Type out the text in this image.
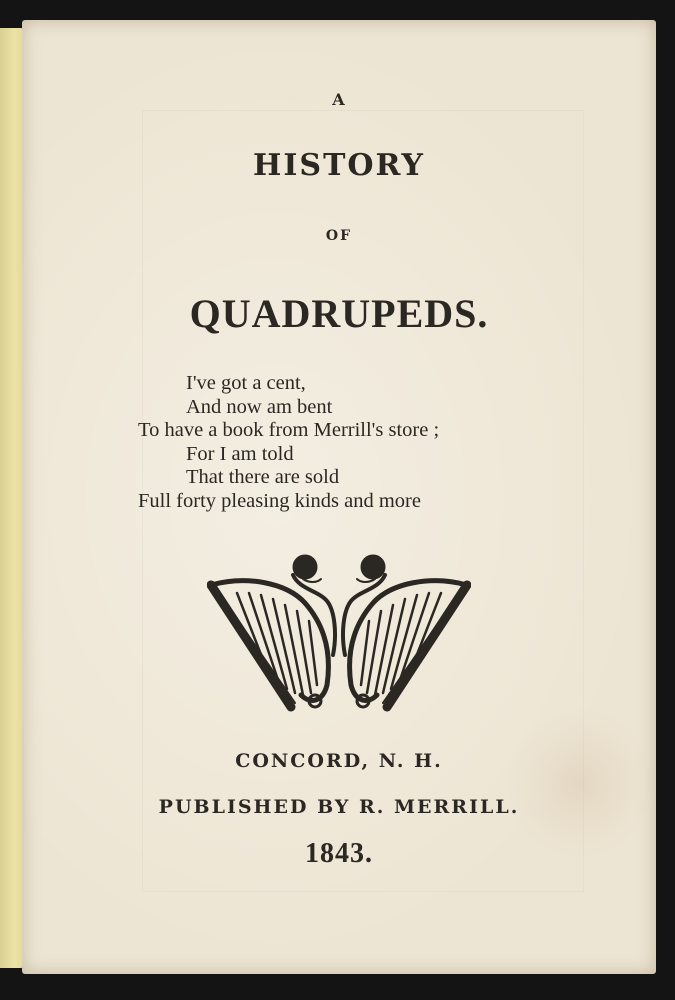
A

HISTORY

OF

QUADRUPEDS.

I've got a cent,
And now am bent
To have a book from Merrill's store ;
For I am told
That there are sold
Full forty pleasing kinds and more

CONCORD, N. H.

PUBLISHED BY R. MERRILL.

1843.
